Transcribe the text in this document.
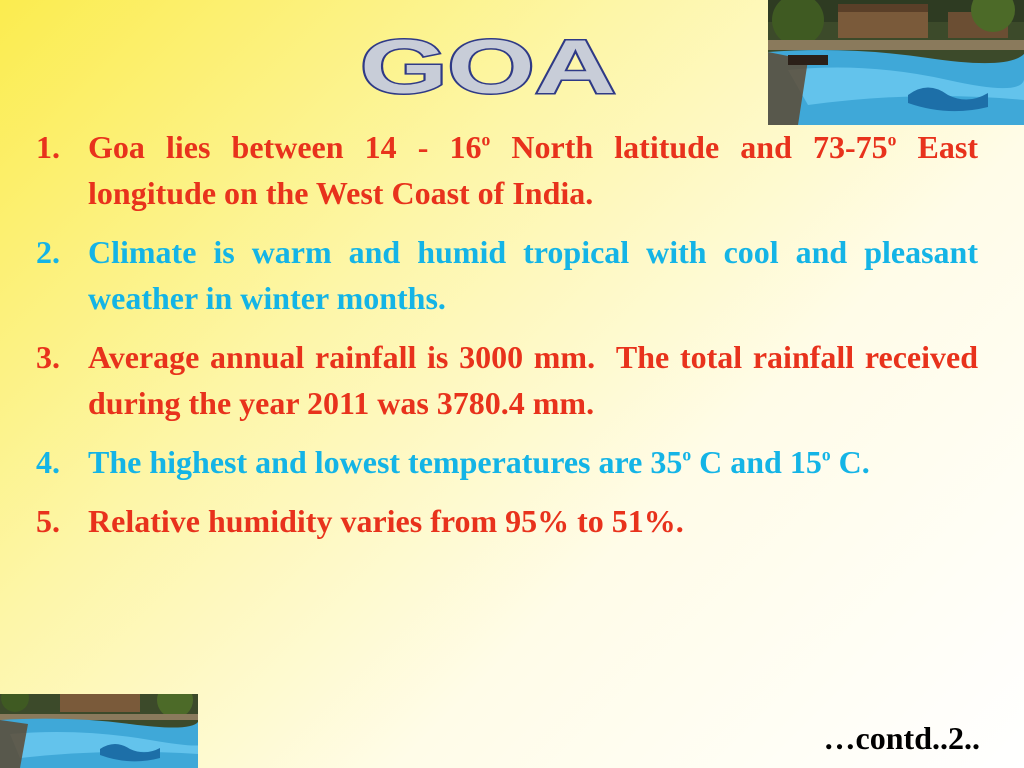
GOA
1. Goa lies between 14 - 16$^o$ North latitude and 73-75$^o$ East longitude on the West Coast of India.
2. Climate is warm and humid tropical with cool and pleasant weather in winter months.
3. Average annual rainfall is 3000 mm.  The total rainfall received during the year 2011 was 3780.4 mm.
4. The highest and lowest temperatures are 35$^o$ C and 15$^o$ C.
5. Relative humidity varies from 95% to 51%.
…contd..2..
